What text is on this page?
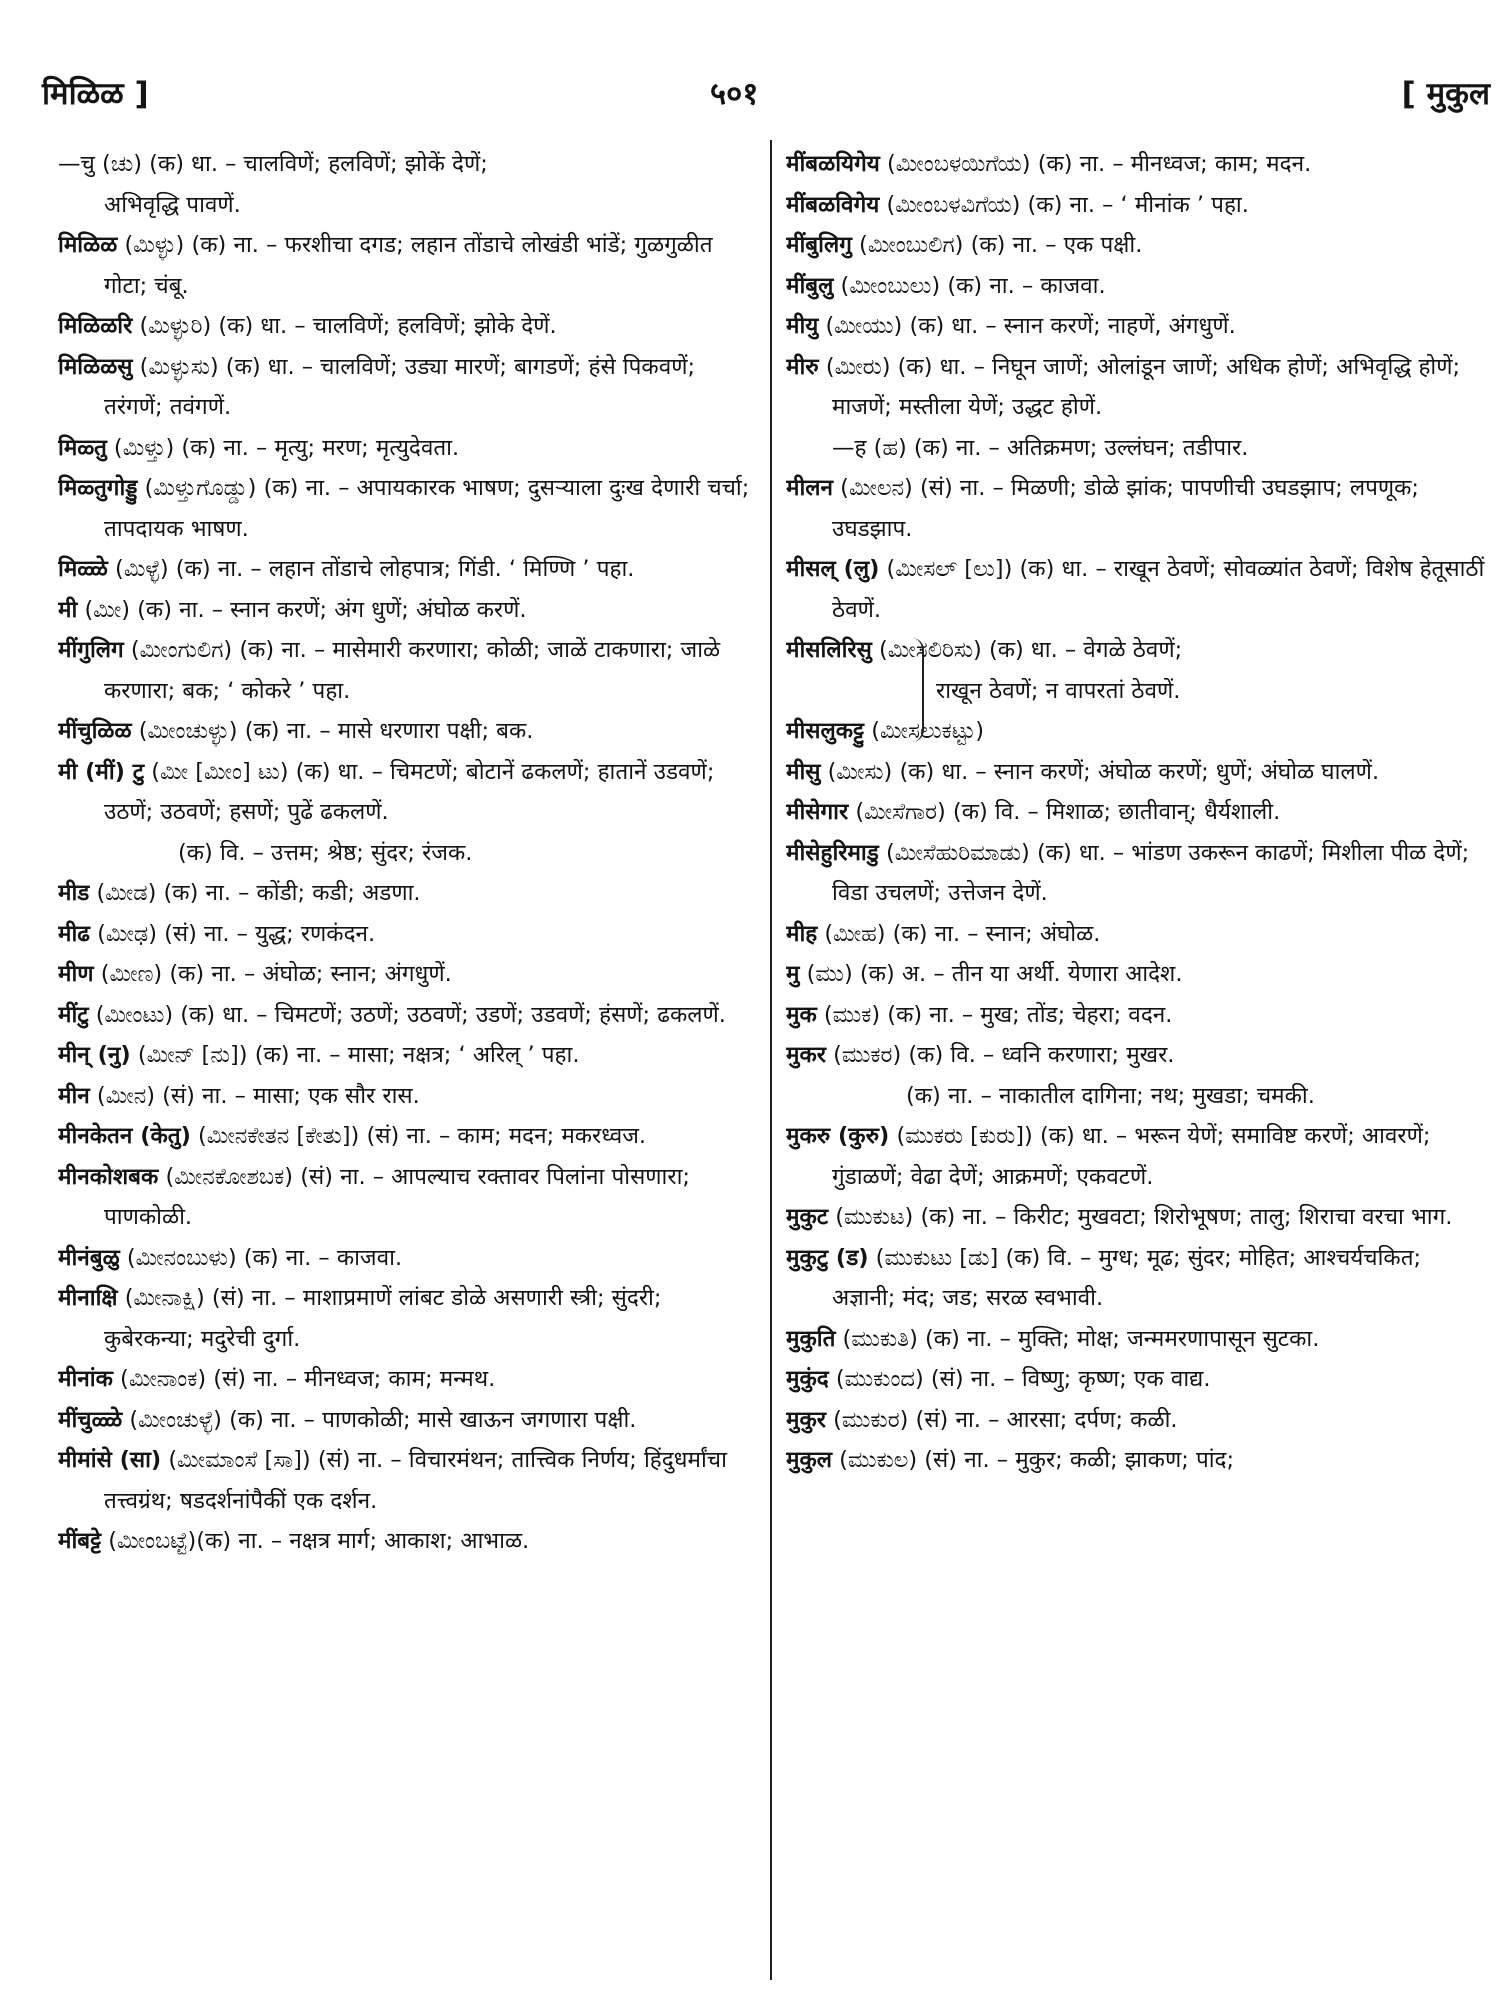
मिळिळ ]	५०१	[ मुकुल
—चु (ಚು) (क) धा. – चालविणें; हलविणें; झोकें देणें;
अभिवृद्धि पावणें.
मिळिळ (ಮಿಳ್ಳು) (क) ना. – फरशीचा दगड; लहान तोंडाचे लोखंडी भांडें; गुळगुळीत गोटा; चंबू.
मिळिळरि (ಮಿಳ್ಳುರಿ) (क) धा. – चालविणें; हलविणें; झोके देणें.
मिळिळसु (ಮಿಳ್ಳುಸು) (क) धा. – चालविणें; उड्या मारणें; बागडणें; हंसे पिकवणें; तरंगणें; तवंगणें.
मिळ्तु (ಮಿಳ್ತು) (क) ना. – मृत्यु; मरण; मृत्युदेवता.
मिळ्तुगोड्डु (ಮಿಳ್ತುಗೊಡ್ಡು) (क) ना. – अपायकारक भाषण; दुसऱ्याला दुःख देणारी चर्चा; तापदायक भाषण.
मिळ्ळे (ಮಿಳ್ಳೆ) (क) ना. – लहान तोंडाचे लोहपात्र; गिंडी. ‘ मिण्णि ’ पहा.
मी (ಮೀ) (क) ना. – स्नान करणें; अंग धुणें; अंघोळ करणें.
मींगुलिग (ಮೀಂಗುಲಿಗ) (क) ना. – मासेमारी करणारा; कोळी; जाळें टाकणारा; जाळे करणारा; बक; ‘ कोकरे ’ पहा.
मींचुळिळ (ಮೀಂಚುಳ್ಳು) (क) ना. – मासे धरणारा पक्षी; बक.
मी (मीं) टु (ಮೀ [ಮೀಂ] ಟು) (क) धा. – चिमटणें; बोटानें ढकलणें; हातानें उडवणें; उठणें; उठवणें; हसणें; पुढें ढकलणें.
(क) वि. – उत्तम; श्रेष्ठ; सुंदर; रंजक.
मीड (ಮೀಡ) (क) ना. – कोंडी; कडी; अडणा.
मीढ (ಮೀಢ) (सं) ना. – युद्ध; रणकंदन.
मीण (ಮೀಣ) (क) ना. – अंघोळ; स्नान; अंगधुणें.
मींटु (ಮೀಂಟು) (क) धा. – चिमटणें; उठणें; उठवणें; उडणें; उडवणें; हंसणें; ढकलणें.
मीन् (नु) (ಮೀನ್ [ನು]) (क) ना. – मासा; नक्षत्र; ‘ अरिल् ’ पहा.
मीन (ಮೀನ) (सं) ना. – मासा; एक सौर रास.
मीनकेतन (केतु) (ಮೀನಕೇತನ [ಕೇತು]) (सं) ना. – काम; मदन; मकरध्वज.
मीनकोशबक (ಮೀನಕೋಶಬಕ) (सं) ना. – आपल्याच रक्तावर पिलांना पोसणारा; पाणकोळी.
मीनंबुळु (ಮೀನಂಬುಳು) (क) ना. – काजवा.
मीनाक्षि (ಮೀನಾಕ್ಷಿ) (सं) ना. – माशाप्रमाणें लांबट डोळे असणारी स्त्री; सुंदरी; कुबेरकन्या; मदुरेची दुर्गा.
मीनांक (ಮೀನಾಂಕ) (सं) ना. – मीनध्वज; काम; मन्मथ.
मींचुळ्ळे (ಮೀಂಚುಳ್ಳೆ) (क) ना. – पाणकोळी; मासे खाऊन जगणारा पक्षी.
मीमांसे (सा) (ಮೀಮಾಂಸೆ [ಸಾ]) (सं) ना. – विचारमंथन; तात्त्विक निर्णय; हिंदुधर्मांचा तत्त्वग्रंथ; षडदर्शनांपैकीं एक दर्शन.
मींबट्टे (ಮೀಂಬಟ್ಟೆ)(क) ना. – नक्षत्र मार्ग; आकाश; आभाळ.
मींबळयिगेय (ಮೀಂಬಳಯಿಗೆಯ) (क) ना. – मीनध्वज; काम; मदन.
मींबळविगेय (ಮೀಂಬಳವಿಗೆಯ) (क) ना. – ‘ मीनांक ’ पहा.
मींबुलिगु (ಮೀಂಬುಲಿಗ) (क) ना. – एक पक्षी.
मींबुलु (ಮೀಂಬುಲು) (क) ना. – काजवा.
मीयु (ಮೀಯು) (क) धा. – स्नान करणें; नाहणें, अंगधुणें.
मीरु (ಮೀರು) (क) धा. – निघून जाणें; ओलांडून जाणें; अधिक होणें; अभिवृद्धि होणें; माजणें; मस्तीला येणें; उद्धट होणें.
—ह (ಹ) (क) ना. – अतिक्रमण; उल्लंघन; तडीपार.
मीलन (ಮೀಲನ) (सं) ना. – मिळणी; डोळे झांक; पापणीची उघडझाप; लपणूक; उघडझाप.
मीसल् (लु) (ಮೀಸಲ್ [ಲು]) (क) धा. – राखून ठेवणें; सोवळ्यांत ठेवणें; विशेष हेतूसाठीं ठेवणें.
मीसलिरिसु (ಮೀಸಲಿರಿಸು) (क) धा. – वेगळे ठेवणें;
राखून ठेवणें; न वापरतां ठेवणें.
मीसलुकट्टु (ಮೀಸಲುಕಟ್ಟು)
मीसु (ಮೀಸು) (क) धा. – स्नान करणें; अंघोळ करणें; धुणें; अंघोळ घालणें.
मीसेगार (ಮೀಸೆಗಾರ) (क) वि. – मिशाळ; छातीवान्; धैर्यशाली.
मीसेहुरिमाडु (ಮೀಸೆಹುರಿಮಾಡು) (क) धा. – भांडण उकरून काढणें; मिशीला पीळ देणें; विडा उचलणें; उत्तेजन देणें.
मीह (ಮೀಹ) (क) ना. – स्नान; अंघोळ.
मु (ಮು) (क) अ. – तीन या अर्थी. येणारा आदेश.
मुक (ಮುಕ) (क) ना. – मुख; तोंड; चेहरा; वदन.
मुकर (ಮುಕರ) (क) वि. – ध्वनि करणारा; मुखर.
(क) ना. – नाकातील दागिना; नथ; मुखडा; चमकी.
मुकरु (कुरु) (ಮುಕರು [ಕುರು]) (क) धा. – भरून येणें; समाविष्ट करणें; आवरणें; गुंडाळणें; वेढा देणें; आक्रमणें; एकवटणें.
मुकुट (ಮುಕುಟ) (क) ना. – किरीट; मुखवटा; शिरोभूषण; तालु; शिराचा वरचा भाग.
मुकुटु (ड) (ಮುಕುಟು [ಡು] (क) वि. – मुग्ध; मूढ; सुंदर; मोहित; आश्चर्यचकित; अज्ञानी; मंद; जड; सरळ स्वभावी.
मुकुति (ಮುಕುತಿ) (क) ना. – मुक्ति; मोक्ष; जन्ममरणापासून सुटका.
मुकुंद (ಮುಕುಂದ) (सं) ना. – विष्णु; कृष्ण; एक वाद्य.
मुकुर (ಮುಕುರ) (सं) ना. – आरसा; दर्पण; कळी.
मुकुल (ಮುಕುಲ) (सं) ना. – मुकुर; कळी; झाकण; पांद;
